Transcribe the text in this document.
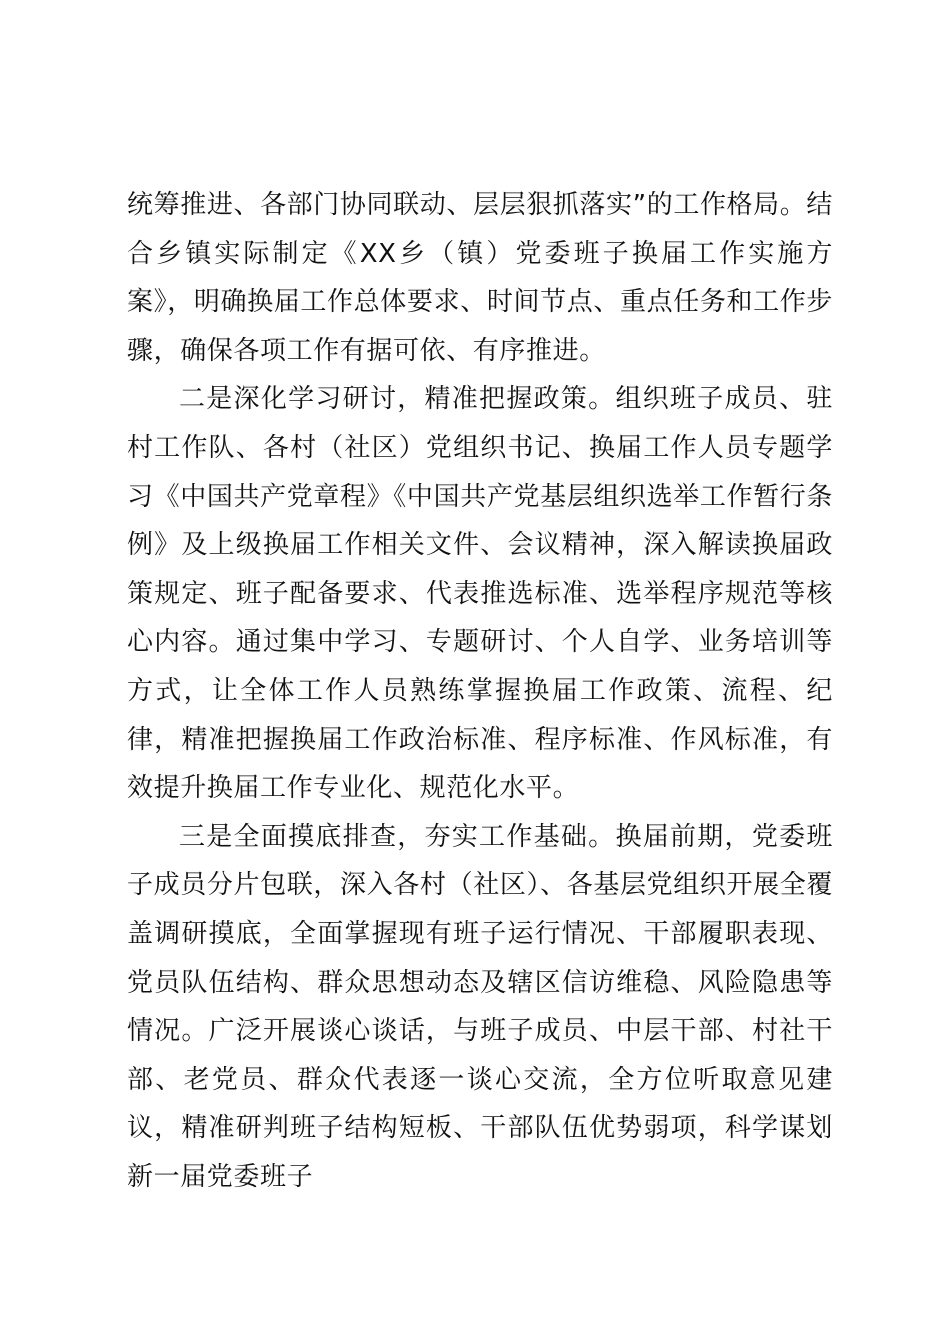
统筹推进、各部门协同联动、层层狠抓落实”的工作格局。结合乡镇实际制定《XX乡（镇）党委班子换届工作实施方案》，明确换届工作总体要求、时间节点、重点任务和工作步骤，确保各项工作有据可依、有序推进。

二是深化学习研讨，精准把握政策。组织班子成员、驻村工作队、各村（社区）党组织书记、换届工作人员专题学习《中国共产党章程》《中国共产党基层组织选举工作暂行条例》及上级换届工作相关文件、会议精神，深入解读换届政策规定、班子配备要求、代表推选标准、选举程序规范等核心内容。通过集中学习、专题研讨、个人自学、业务培训等方式，让全体工作人员熟练掌握换届工作政策、流程、纪律，精准把握换届工作政治标准、程序标准、作风标准，有效提升换届工作专业化、规范化水平。

三是全面摸底排查，夯实工作基础。换届前期，党委班子成员分片包联，深入各村（社区）、各基层党组织开展全覆盖调研摸底，全面掌握现有班子运行情况、干部履职表现、党员队伍结构、群众思想动态及辖区信访维稳、风险隐患等情况。广泛开展谈心谈话，与班子成员、中层干部、村社干部、老党员、群众代表逐一谈心交流，全方位听取意见建议，精准研判班子结构短板、干部队伍优势弱项，科学谋划新一届党委班子
